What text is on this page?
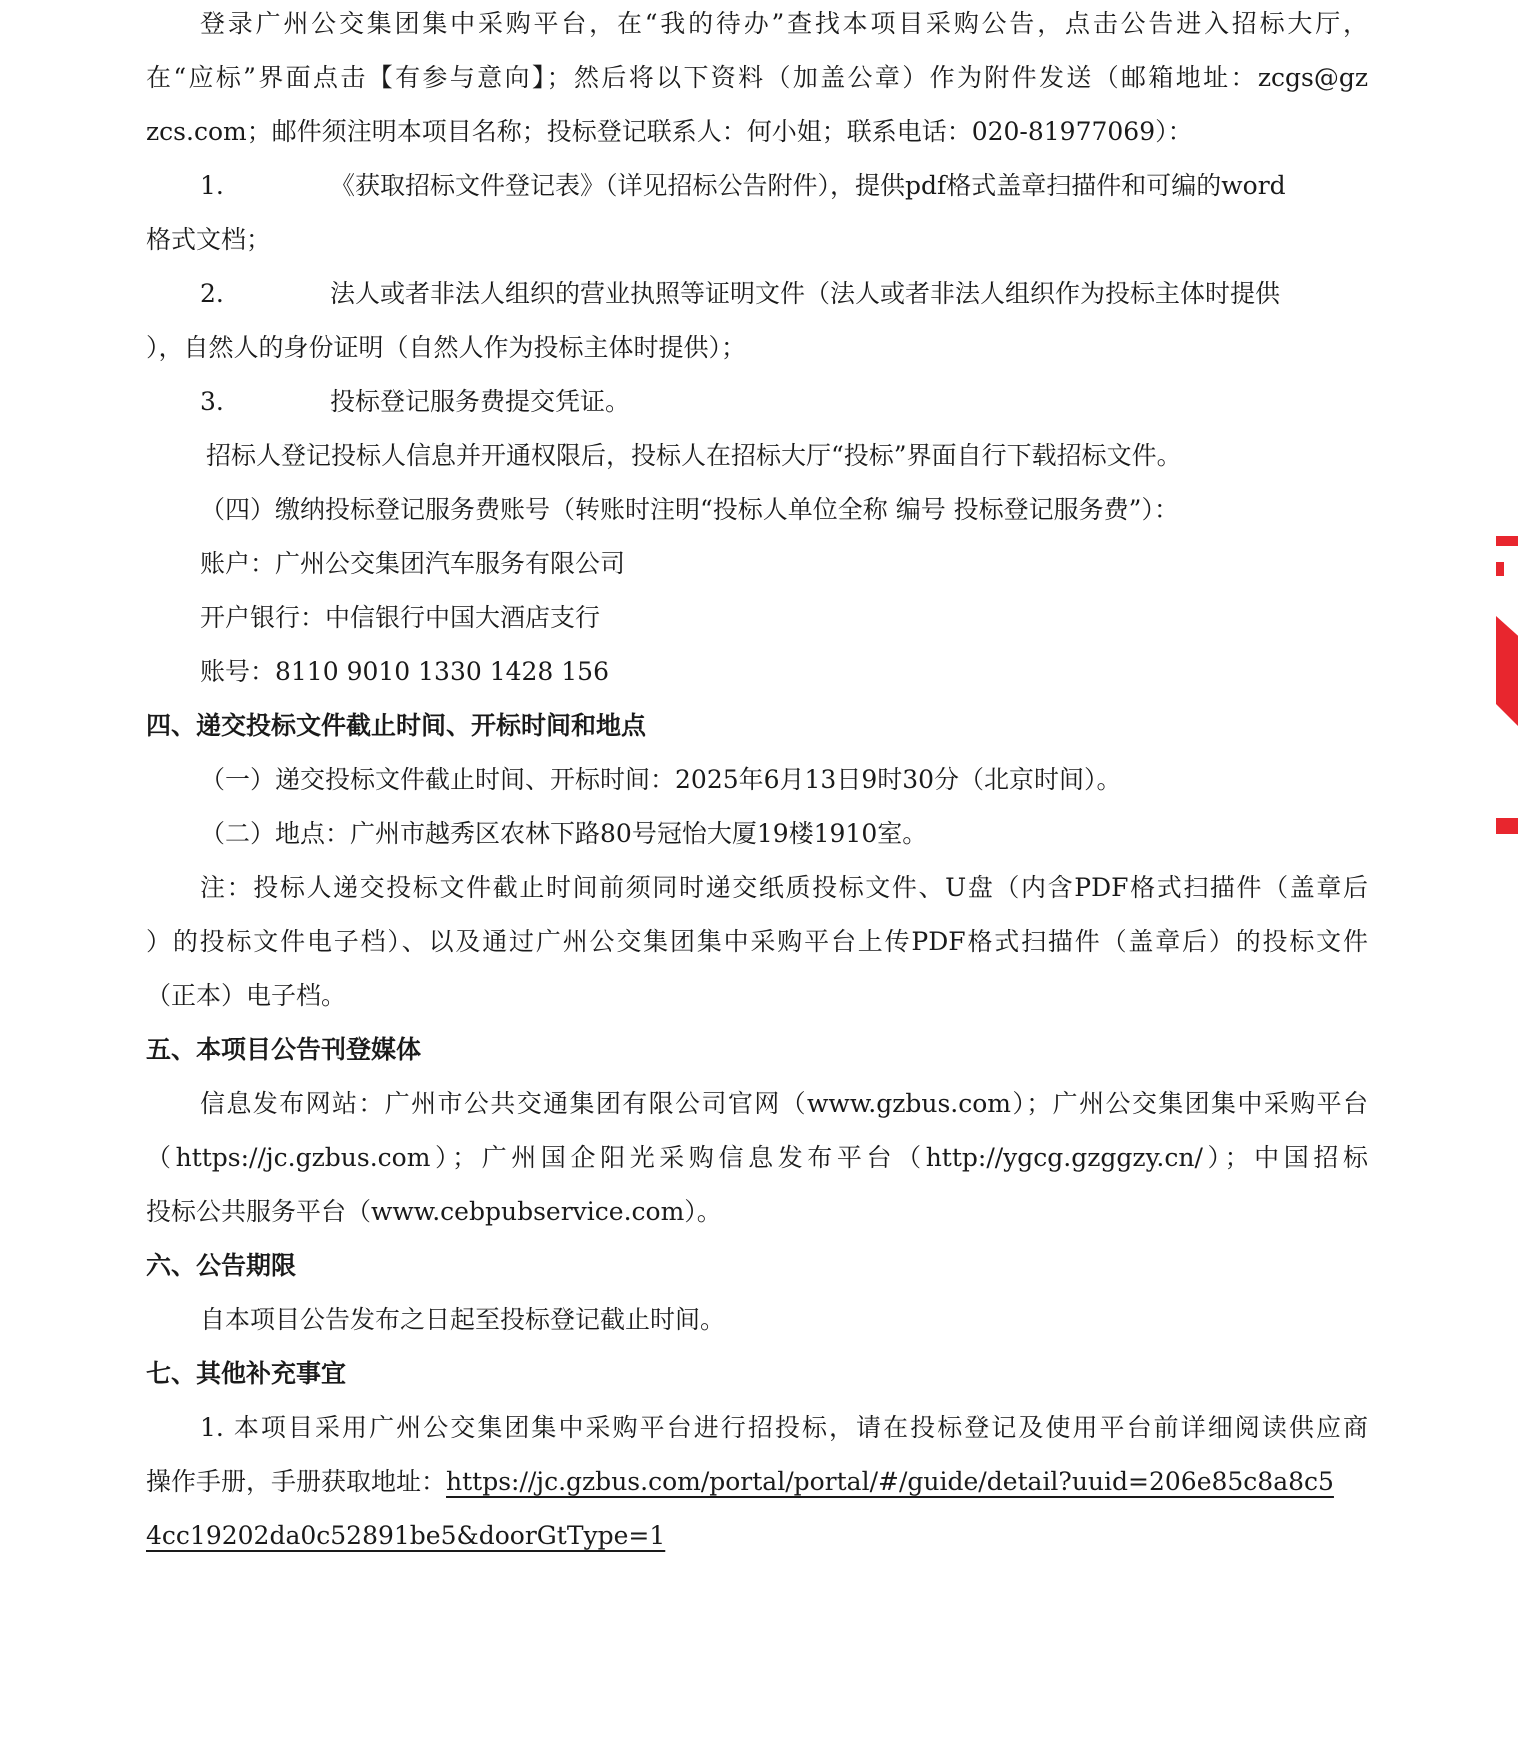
登录广州公交集团集中采购平台，在“我的待办”查找本项目采购公告，点击公告进入招标大厅，
在“应标”界面点击【有参与意向】；然后将以下资料（加盖公章）作为附件发送（邮箱地址：zcgs@gz
zcs.com；邮件须注明本项目名称；投标登记联系人：何小姐；联系电话：020-81977069）：
1.	《获取招标文件登记表》（详见招标公告附件），提供pdf格式盖章扫描件和可编的word
格式文档；
2.	法人或者非法人组织的营业执照等证明文件（法人或者非法人组织作为投标主体时提供
），自然人的身份证明（自然人作为投标主体时提供）；
3.	投标登记服务费提交凭证。
招标人登记投标人信息并开通权限后，投标人在招标大厅“投标”界面自行下载招标文件。
（四）缴纳投标登记服务费账号（转账时注明“投标人单位全称 编号 投标登记服务费”）：
账户：广州公交集团汽车服务有限公司
开户银行：中信银行中国大酒店支行
账号：8110 9010 1330 1428 156
四、递交投标文件截止时间、开标时间和地点
（一）递交投标文件截止时间、开标时间：2025年6月13日9时30分（北京时间）。
（二）地点：广州市越秀区农林下路80号冠怡大厦19楼1910室。
注：投标人递交投标文件截止时间前须同时递交纸质投标文件、U盘（内含PDF格式扫描件（盖章后
）的投标文件电子档）、以及通过广州公交集团集中采购平台上传PDF格式扫描件（盖章后）的投标文件
（正本）电子档。
五、本项目公告刊登媒体
信息发布网站：广州市公共交通集团有限公司官网（www.gzbus.com）；广州公交集团集中采购平台
（https://jc.gzbus.com）；广州国企阳光采购信息发布平台（http://ygcg.gzggzy.cn/）；中国招标
投标公共服务平台（www.cebpubservice.com）。
六、公告期限
自本项目公告发布之日起至投标登记截止时间。
七、其他补充事宜
1. 本项目采用广州公交集团集中采购平台进行招投标，请在投标登记及使用平台前详细阅读供应商
操作手册，手册获取地址：https://jc.gzbus.com/portal/portal/#/guide/detail?uuid=206e85c8a8c5
4cc19202da0c52891be5&doorGtType=1
